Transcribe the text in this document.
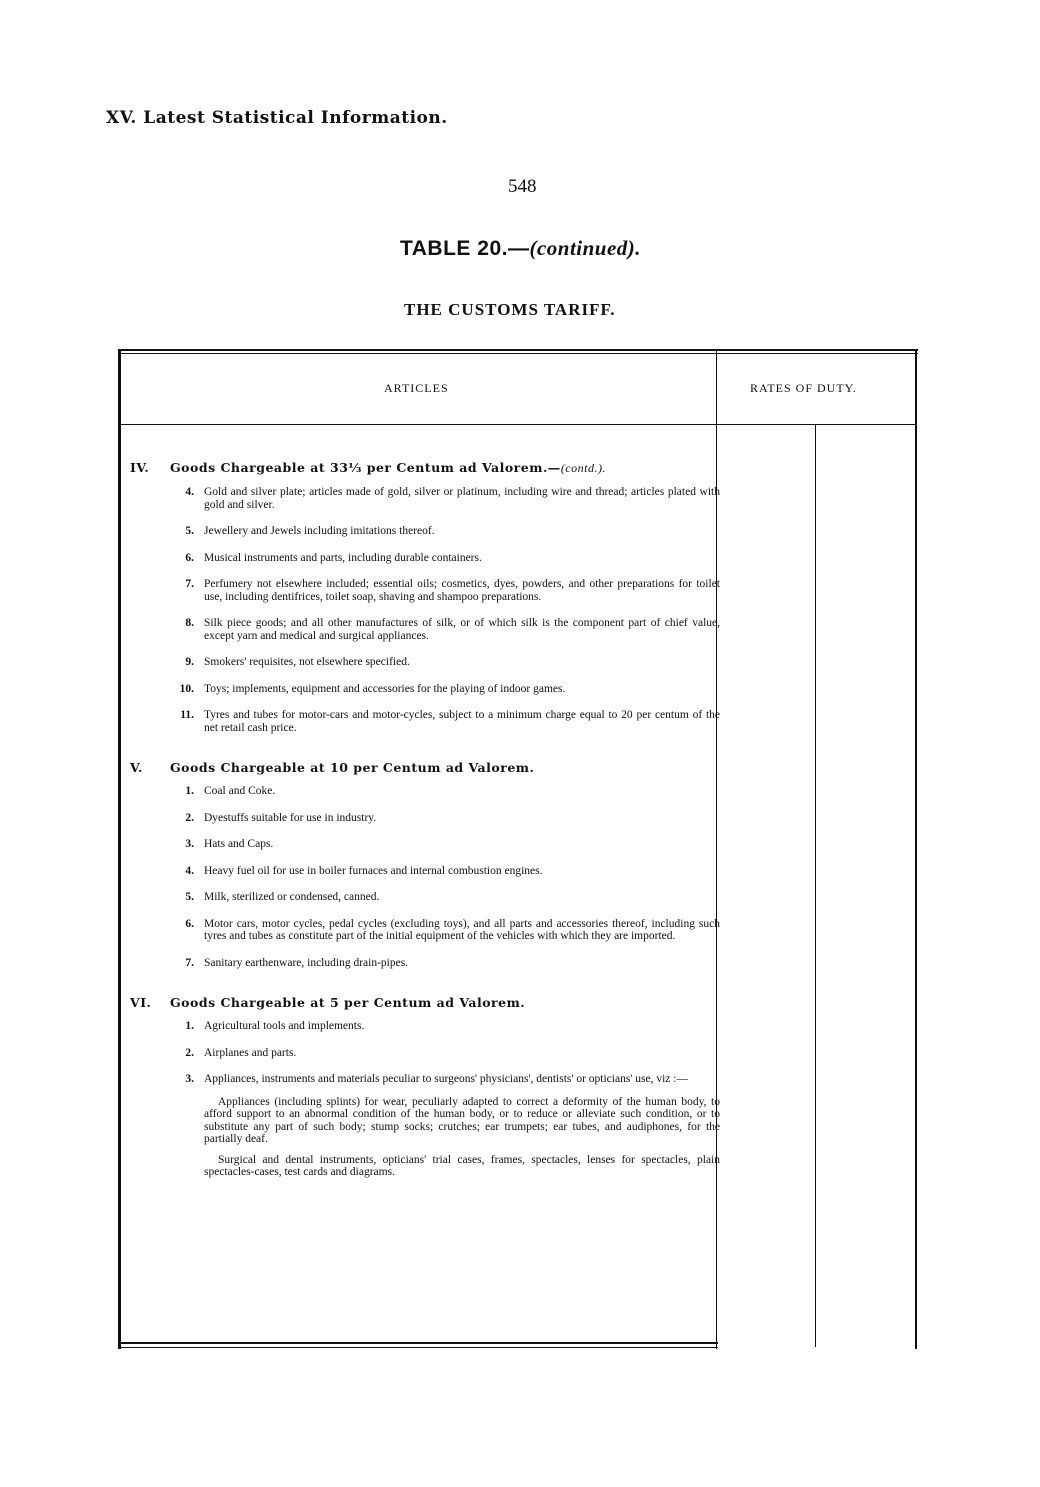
XV. Latest Statistical Information.
548
TABLE 20.—(continued).
THE CUSTOMS TARIFF.
ARTICLES	RATES OF DUTY.
IV. Goods Chargeable at 33⅓ per Centum ad Valorem.—(contd.).
4. Gold and silver plate; articles made of gold, silver or platinum, including wire and thread; articles plated with gold and silver.
5. Jewellery and Jewels including imitations thereof.
6. Musical instruments and parts, including durable containers.
7. Perfumery not elsewhere included; essential oils; cosmetics, dyes, powders, and other preparations for toilet use, including dentifrices, toilet soap, shaving and shampoo preparations.
8. Silk piece goods; and all other manufactures of silk, or of which silk is the component part of chief value, except yarn and medical and surgical appliances.
9. Smokers' requisites, not elsewhere specified.
10. Toys; implements, equipment and accessories for the playing of indoor games.
11. Tyres and tubes for motor-cars and motor-cycles, subject to a minimum charge equal to 20 per centum of the net retail cash price.
V. Goods Chargeable at 10 per Centum ad Valorem.
1. Coal and Coke.
2. Dyestuffs suitable for use in industry.
3. Hats and Caps.
4. Heavy fuel oil for use in boiler furnaces and internal combustion engines.
5. Milk, sterilized or condensed, canned.
6. Motor cars, motor cycles, pedal cycles (excluding toys), and all parts and accessories thereof, including such tyres and tubes as constitute part of the initial equipment of the vehicles with which they are imported.
7. Sanitary earthenware, including drain-pipes.
VI. Goods Chargeable at 5 per Centum ad Valorem.
1. Agricultural tools and implements.
2. Airplanes and parts.
3. Appliances, instruments and materials peculiar to surgeons' physicians', dentists' or opticians' use, viz :—
Appliances (including splints) for wear, peculiarly adapted to correct a deformity of the human body, to afford support to an abnormal condition of the human body, or to reduce or alleviate such condition, or to substitute any part of such body; stump socks; crutches; ear trumpets; ear tubes, and audiphones, for the partially deaf.
Surgical and dental instruments, opticians' trial cases, frames, spectacles, lenses for spectacles, plain spectacles-cases, test cards and diagrams.
